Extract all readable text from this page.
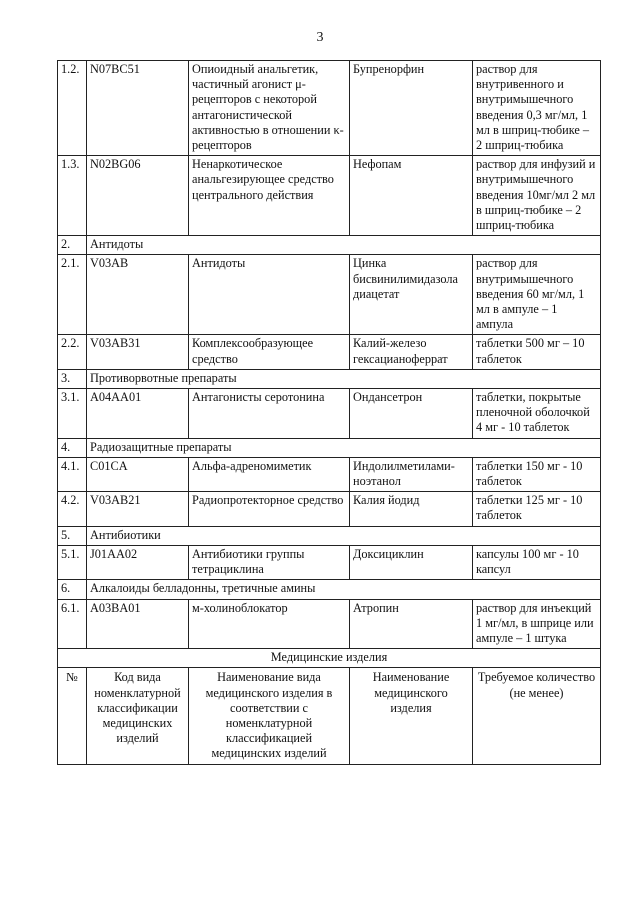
3
1.2.	N07BC51	Опиоидный анальгетик, частичный агонист μ-рецепторов с некоторой антагонистической активностью в отношении κ-рецепторов	Бупренорфин	раствор для внутривенного и внутримышечного введения 0,3 мг/мл, 1 мл в шприц-тюбике – 2 шприц-тюбика
1.3.	N02BG06	Ненаркотическое анальгезирующее средство центрального действия	Нефопам	раствор для инфузий и внутримышечного введения 10мг/мл 2 мл в шприц-тюбике – 2 шприц-тюбика
2.	Антидоты			
2.1.	V03AB	Антидоты	Цинка бисвинилимидазола диацетат	раствор для внутримышечного введения 60 мг/мл, 1 мл в ампуле – 1 ампула
2.2.	V03AB31	Комплексообразующее средство	Калий-железо гексацианоферрат	таблетки 500 мг – 10 таблеток
3.	Противорвотные препараты			
3.1.	A04AA01	Антагонисты серотонина	Ондансетрон	таблетки, покрытые пленочной оболочкой 4 мг - 10 таблеток
4.	Радиозащитные препараты			
4.1.	C01CA	Альфа-адреномиметик	Индолилметилами-ноэтанол	таблетки 150 мг - 10 таблеток
4.2.	V03AB21	Радиопротекторное средство	Калия йодид	таблетки 125 мг - 10 таблеток
5.	Антибиотики			
5.1.	J01AA02	Антибиотики группы тетрациклина	Доксициклин	капсулы 100 мг - 10 капсул
6.	Алкалоиды белладонны, третичные амины			
6.1.	A03BA01	м-холиноблокатор	Атропин	раствор для инъекций 1 мг/мл, в шприце или ампуле – 1 штука
Медицинские изделия				
№	Код вида номенклатурной классификации медицинских изделий	Наименование вида медицинского изделия в соответствии с номенклатурной классификацией медицинских изделий	Наименование медицинского изделия	Требуемое количество (не менее)
